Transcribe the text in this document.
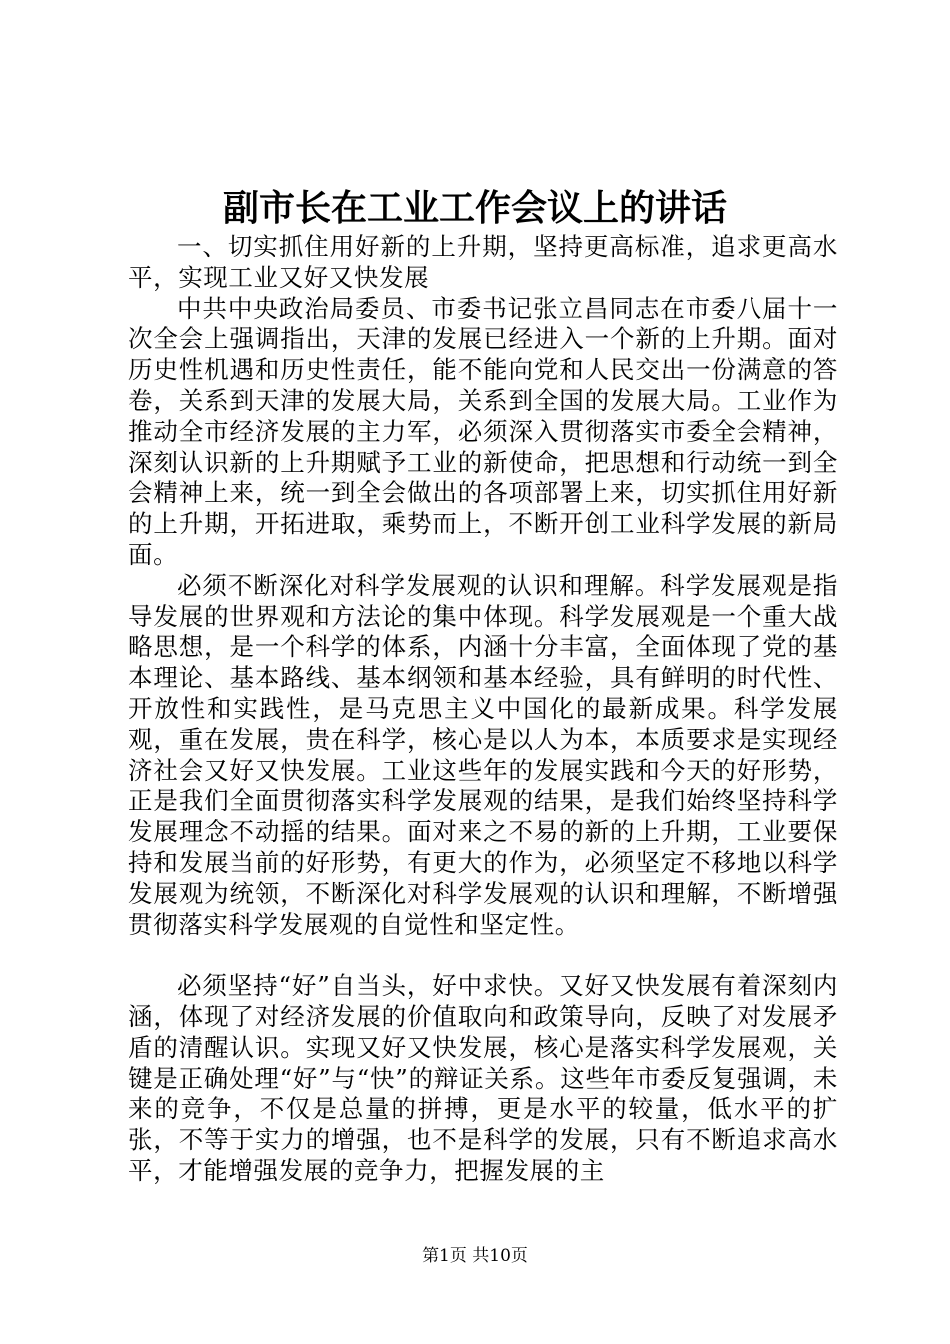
副市长在工业工作会议上的讲话

一、切实抓住用好新的上升期，坚持更高标准，追求更高水平，实现工业又好又快发展

中共中央政治局委员、市委书记张立昌同志在市委八届十一次全会上强调指出，天津的发展已经进入一个新的上升期。面对历史性机遇和历史性责任，能不能向党和人民交出一份满意的答卷，关系到天津的发展大局，关系到全国的发展大局。工业作为推动全市经济发展的主力军，必须深入贯彻落实市委全会精神，深刻认识新的上升期赋予工业的新使命，把思想和行动统一到全会精神上来，统一到全会做出的各项部署上来，切实抓住用好新的上升期，开拓进取，乘势而上，不断开创工业科学发展的新局面。

必须不断深化对科学发展观的认识和理解。科学发展观是指导发展的世界观和方法论的集中体现。科学发展观是一个重大战略思想，是一个科学的体系，内涵十分丰富，全面体现了党的基本理论、基本路线、基本纲领和基本经验，具有鲜明的时代性、开放性和实践性，是马克思主义中国化的最新成果。科学发展观，重在发展，贵在科学，核心是以人为本，本质要求是实现经济社会又好又快发展。工业这些年的发展实践和今天的好形势，正是我们全面贯彻落实科学发展观的结果，是我们始终坚持科学发展理念不动摇的结果。面对来之不易的新的上升期，工业要保持和发展当前的好形势，有更大的作为，必须坚定不移地以科学发展观为统领，不断深化对科学发展观的认识和理解，不断增强贯彻落实科学发展观的自觉性和坚定性。

必须坚持“好”自当头，好中求快。又好又快发展有着深刻内涵，体现了对经济发展的价值取向和政策导向，反映了对发展矛盾的清醒认识。实现又好又快发展，核心是落实科学发展观，关键是正确处理“好”与“快”的辩证关系。这些年市委反复强调，未来的竞争，不仅是总量的拼搏，更是水平的较量，低水平的扩张，不等于实力的增强，也不是科学的发展，只有不断追求高水平，才能增强发展的竞争力，把握发展的主

第1页 共10页
